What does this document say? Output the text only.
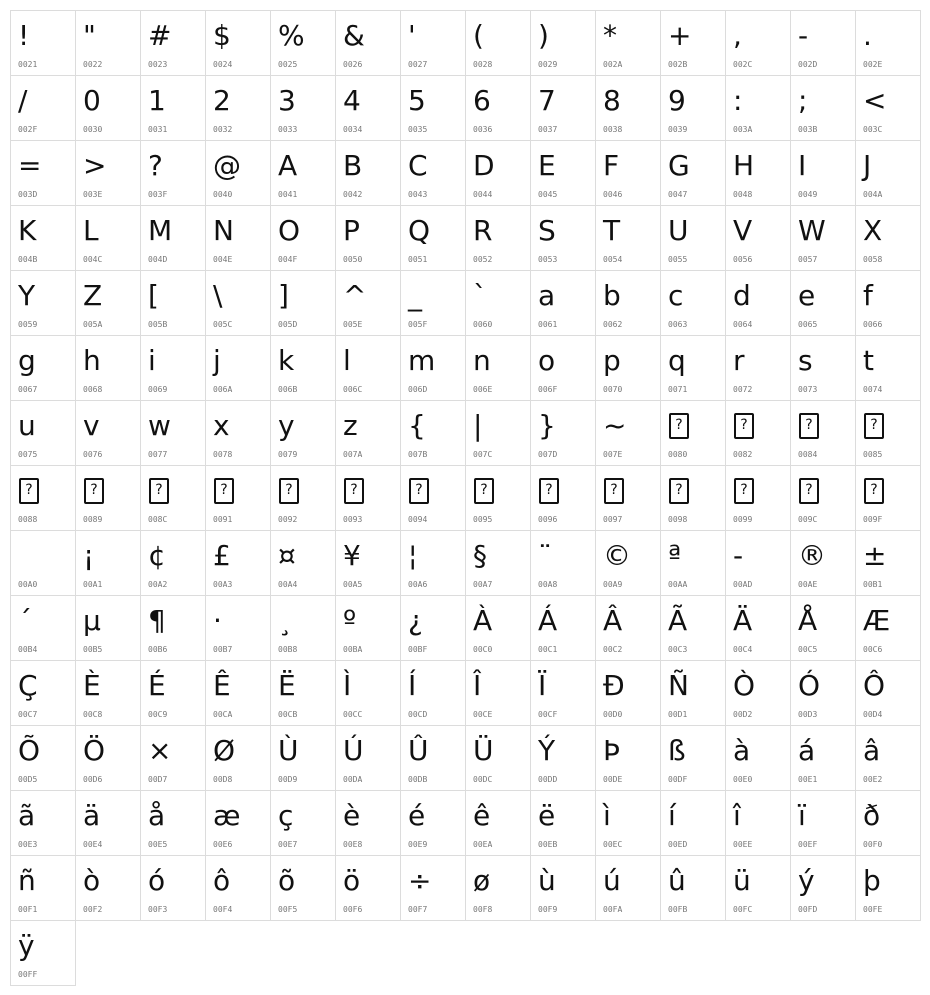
!
0021
"
0022
#
0023
$
0024
%
0025
&
0026
'
0027
(
0028
)
0029
*
002A
+
002B
,
002C
-
002D
.
002E
/
002F
0
0030
1
0031
2
0032
3
0033
4
0034
5
0035
6
0036
7
0037
8
0038
9
0039
:
003A
;
003B
<
003C
=
003D
>
003E
?
003F
@
0040
A
0041
B
0042
C
0043
D
0044
E
0045
F
0046
G
0047
H
0048
I
0049
J
004A
K
004B
L
004C
M
004D
N
004E
O
004F
P
0050
Q
0051
R
0052
S
0053
T
0054
U
0055
V
0056
W
0057
X
0058
Y
0059
Z
005A
[
005B
\
005C
]
005D
^
005E
_
005F
`
0060
a
0061
b
0062
c
0063
d
0064
e
0065
f
0066
g
0067
h
0068
i
0069
j
006A
k
006B
l
006C
m
006D
n
006E
o
006F
p
0070
q
0071
r
0072
s
0073
t
0074
u
0075
v
0076
w
0077
x
0078
y
0079
z
007A
{
007B
|
007C
}
007D
~
007E
?
0080
?
0082
?
0084
?
0085
?
0088
?
0089
?
008C
?
0091
?
0092
?
0093
?
0094
?
0095
?
0096
?
0097
?
0098
?
0099
?
009C
?
009F
00A0
¡
00A1
¢
00A2
£
00A3
¤
00A4
¥
00A5
¦
00A6
§
00A7
¨
00A8
©
00A9
ª
00AA
-
00AD
®
00AE
±
00B1
´
00B4
µ
00B5
¶
00B6
·
00B7
¸
00B8
º
00BA
¿
00BF
À
00C0
Á
00C1
Â
00C2
Ã
00C3
Ä
00C4
Å
00C5
Æ
00C6
Ç
00C7
È
00C8
É
00C9
Ê
00CA
Ë
00CB
Ì
00CC
Í
00CD
Î
00CE
Ï
00CF
Ð
00D0
Ñ
00D1
Ò
00D2
Ó
00D3
Ô
00D4
Õ
00D5
Ö
00D6
×
00D7
Ø
00D8
Ù
00D9
Ú
00DA
Û
00DB
Ü
00DC
Ý
00DD
Þ
00DE
ß
00DF
à
00E0
á
00E1
â
00E2
ã
00E3
ä
00E4
å
00E5
æ
00E6
ç
00E7
è
00E8
é
00E9
ê
00EA
ë
00EB
ì
00EC
í
00ED
î
00EE
ï
00EF
ð
00F0
ñ
00F1
ò
00F2
ó
00F3
ô
00F4
õ
00F5
ö
00F6
÷
00F7
ø
00F8
ù
00F9
ú
00FA
û
00FB
ü
00FC
ý
00FD
þ
00FE
ÿ
00FF
